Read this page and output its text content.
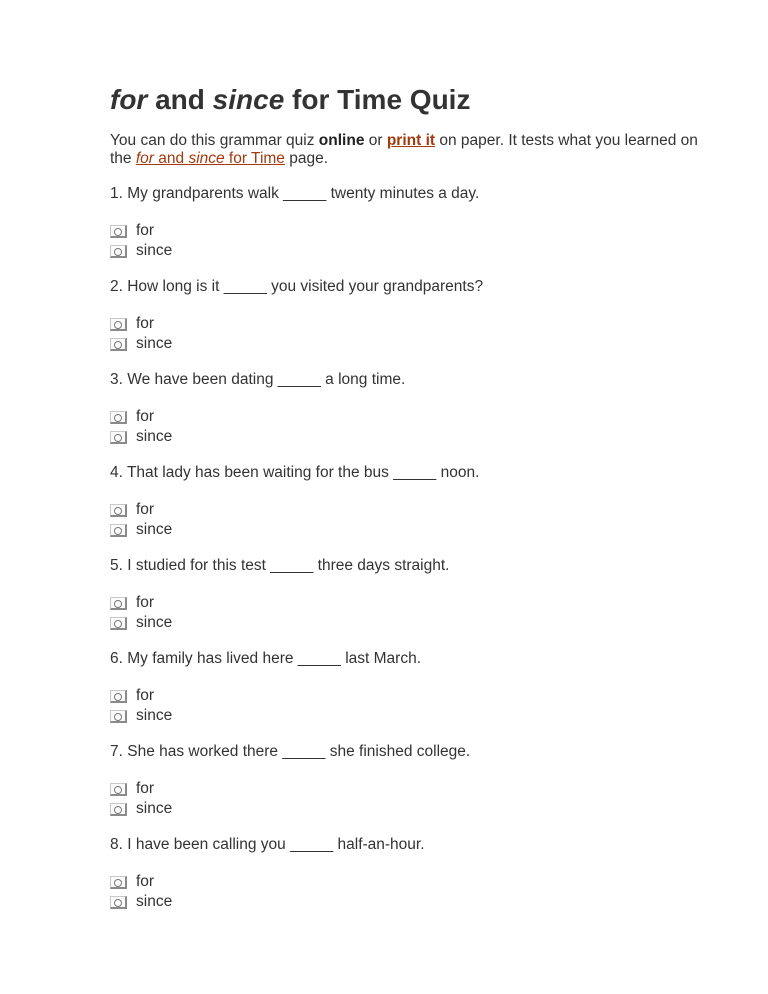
for and since for Time Quiz
You can do this grammar quiz online or print it on paper. It tests what you learned on the for and since for Time page.
1. My grandparents walk _____ twenty minutes a day.
for
since
2. How long is it _____ you visited your grandparents?
for
since
3. We have been dating _____ a long time.
for
since
4. That lady has been waiting for the bus _____ noon.
for
since
5. I studied for this test _____ three days straight.
for
since
6. My family has lived here _____ last March.
for
since
7. She has worked there _____ she finished college.
for
since
8. I have been calling you _____ half-an-hour.
for
since
